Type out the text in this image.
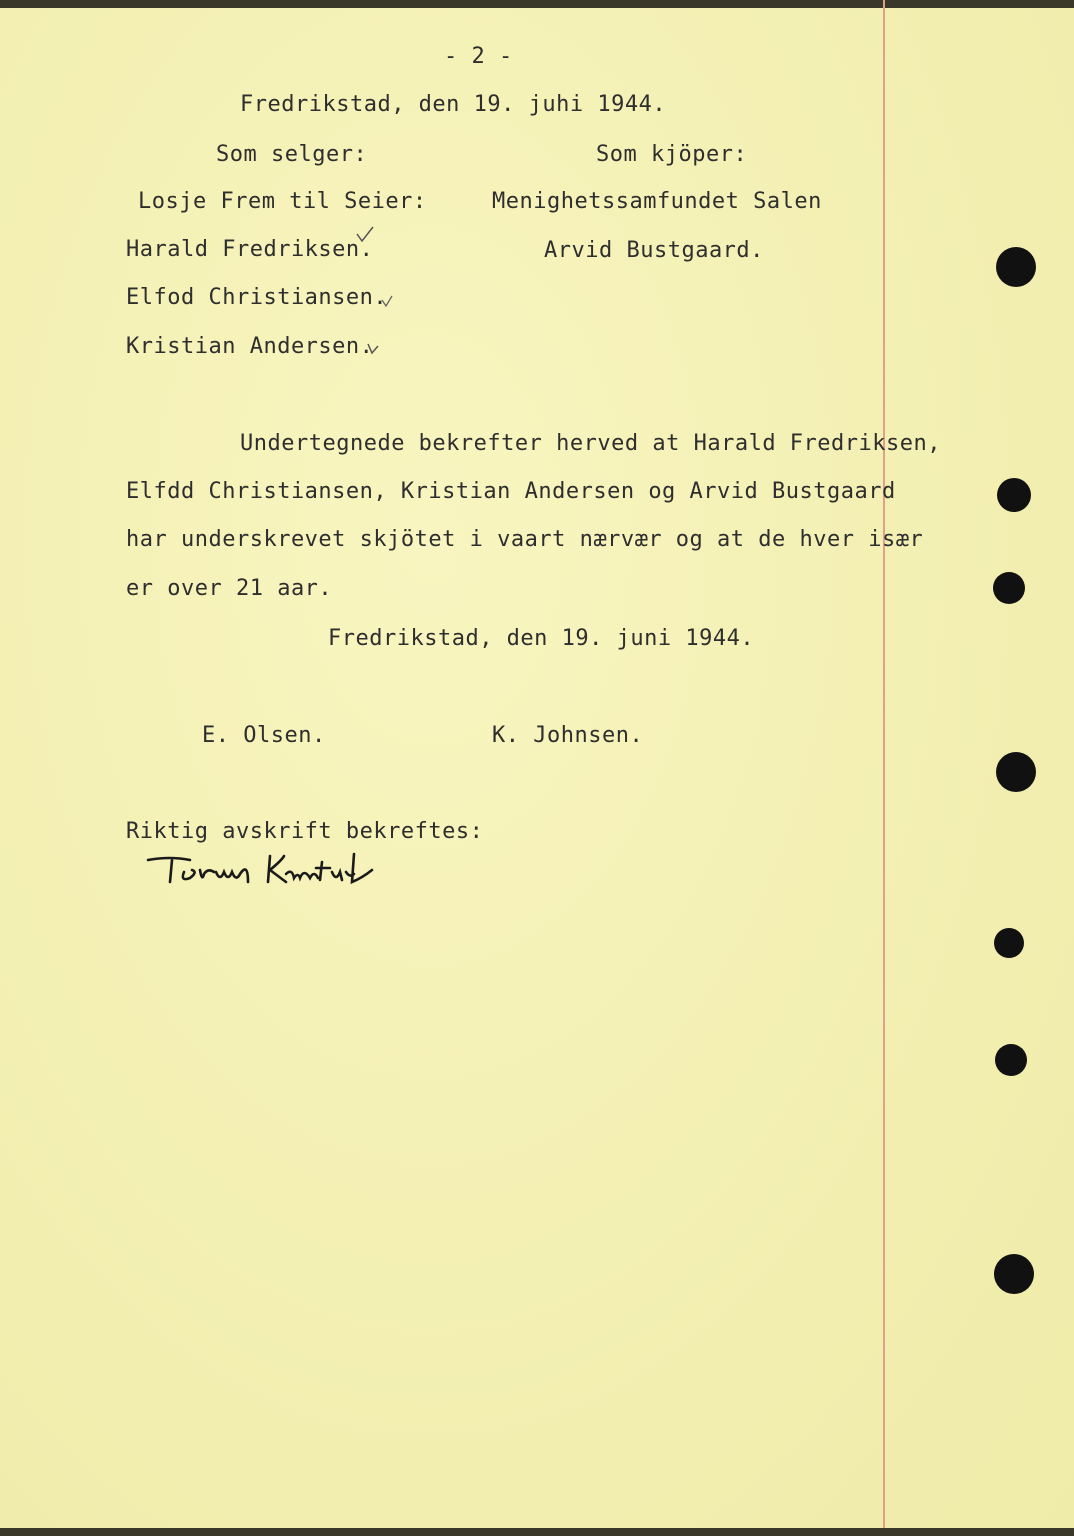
- 2 -
Fredrikstad, den 19. juhi 1944.
Som selger:	Som kjöper:
Losje Frem til Seier:	Menighetssamfundet Salen
Harald Fredriksen.	Arvid Bustgaard.
Elfod Christiansen.
Kristian Andersen.
Undertegnede bekrefter herved at Harald Fredriksen,
Elfdd Christiansen, Kristian Andersen og Arvid Bustgaard
har underskrevet skjötet i vaart nærvær og at de hver især
er over 21 aar.
Fredrikstad, den 19. juni 1944.
E. Olsen.	K. Johnsen.
Riktig avskrift bekreftes:
